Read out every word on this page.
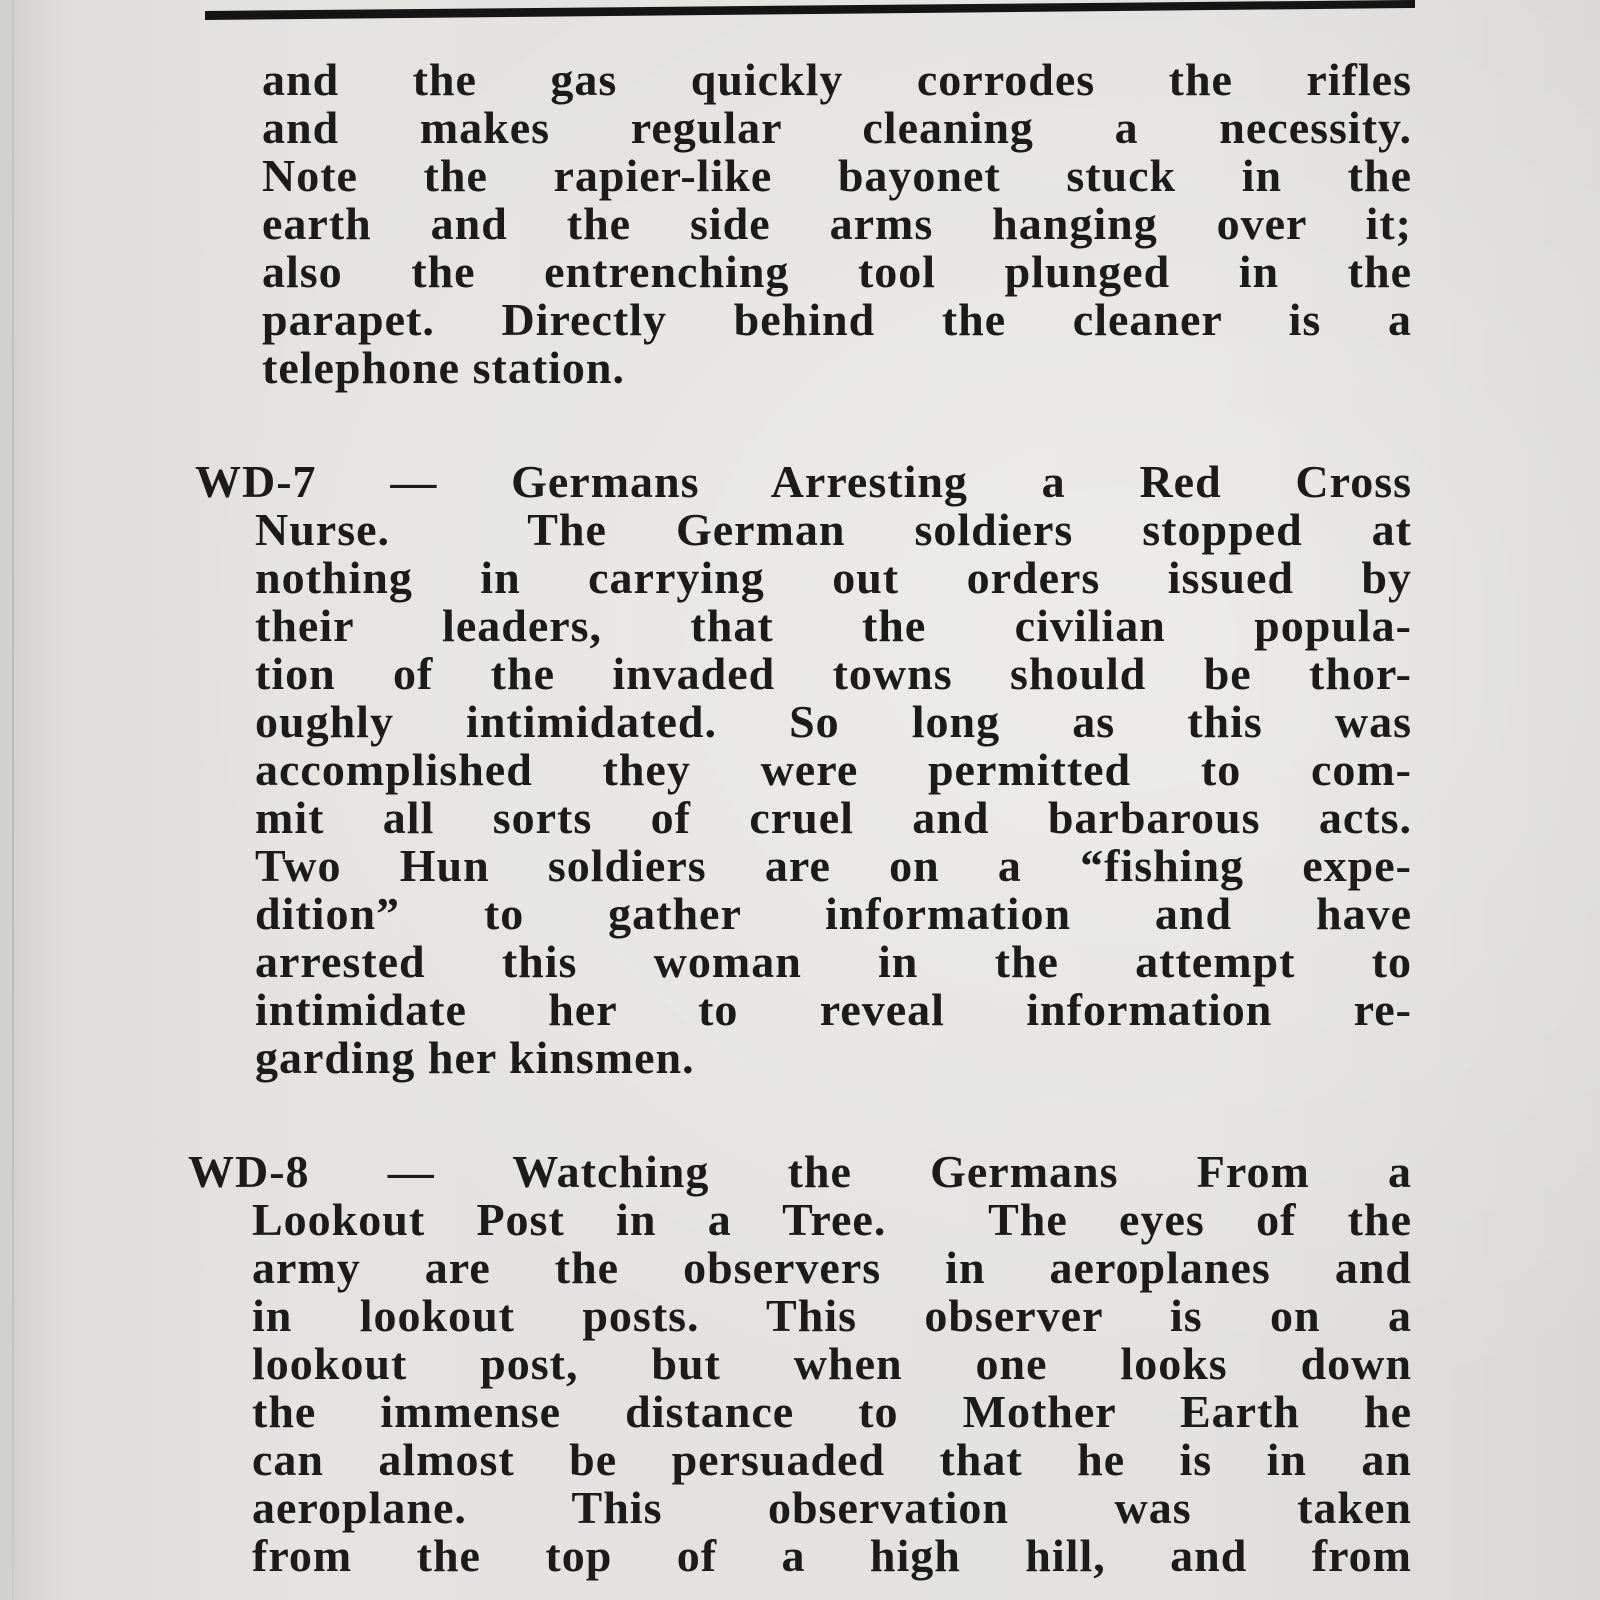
and the gas quickly corrodes the rifles
and makes regular cleaning a necessity.
Note the rapier-like bayonet stuck in the
earth and the side arms hanging over it;
also the entrenching tool plunged in the
parapet. Directly behind the cleaner is a
telephone station.
WD-7 — Germans Arresting a Red Cross
Nurse.	The German soldiers stopped at
nothing in carrying out orders issued by
their leaders, that the civilian popula-
tion of the invaded towns should be thor-
oughly intimidated. So long as this was
accomplished they were permitted to com-
mit all sorts of cruel and barbarous acts.
Two Hun soldiers are on a “fishing expe-
dition” to gather information and have
arrested this woman in the attempt to
intimidate her to reveal information re-
garding her kinsmen.
WD-8 — Watching the Germans From a
Lookout Post in a Tree. The eyes of the
army are the observers in aeroplanes and
in lookout posts. This observer is on a
lookout post, but when one looks down
the immense distance to Mother Earth he
can almost be persuaded that he is in an
aeroplane. This observation was taken
from the top of a high hill, and from
